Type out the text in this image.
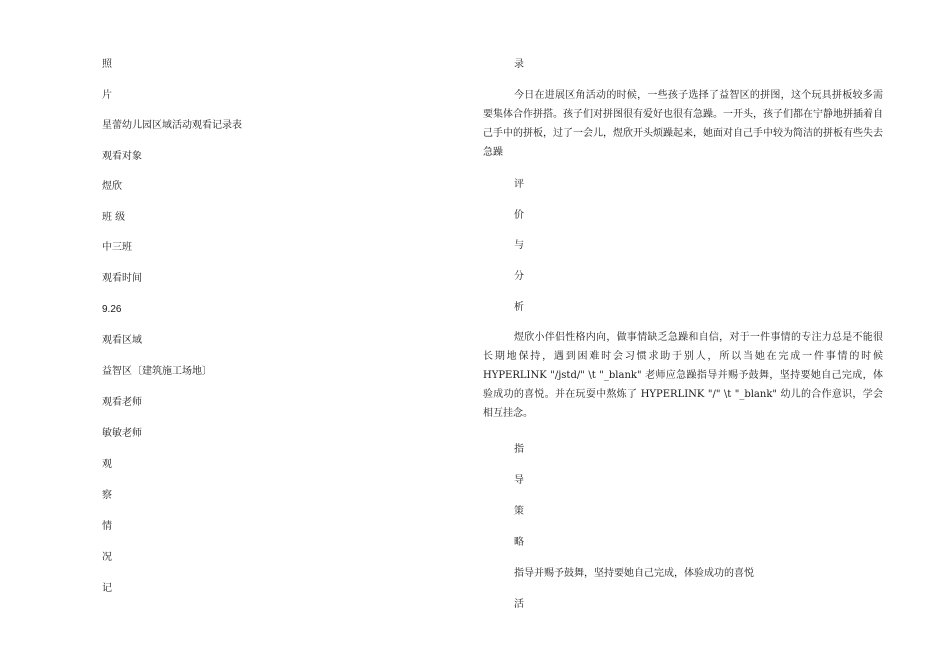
照
片
星蕾幼儿园区域活动观看记录表
观看对象
煜欣
班 级
中三班
观看时间
9.26
观看区域
益智区〔建筑施工场地〕
观看老师
敏敏老师
观
察
情
况
记
录
今日在进展区角活动的时候，一些孩子选择了益智区的拼图，这个玩具拼板较多需要集体合作拼搭。孩子们对拼图很有爱好也很有急躁。一开头，孩子们都在宁静地拼插着自己手中的拼板，过了一会儿，煜欣开头烦躁起来，她面对自己手中较为简洁的拼板有些失去急躁
评
价
与
分
析
煜欣小伴侣性格内向，做事情缺乏急躁和自信，对于一件事情的专注力总是不能很长期地保持，遇到困难时会习惯求助于别人，所以当她在完成一件事情的时候 HYPERLINK "/jstd/" \t "_blank" 老师应急躁指导并赐予鼓舞，坚持要她自己完成，体验成功的喜悦。并在玩耍中熬炼了 HYPERLINK "/" \t "_blank" 幼儿的合作意识，学会相互挂念。
指
导
策
略
指导并赐予鼓舞，坚持要她自己完成，体验成功的喜悦
活
